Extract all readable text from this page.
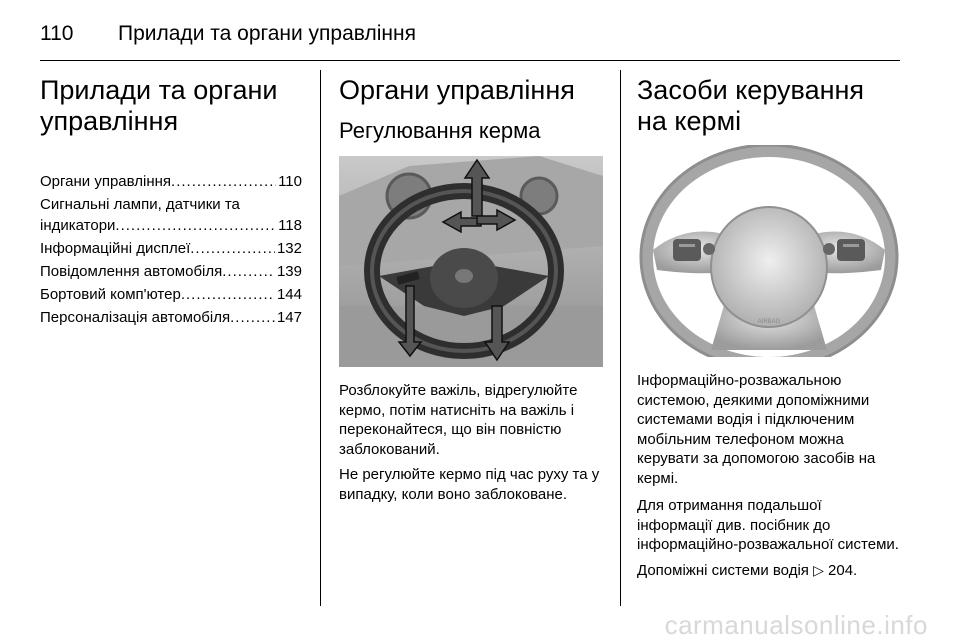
110 Прилади та органи управління
Прилади та органи управління
Органи управління .....	110
Сигнальні лампи, датчики та
індикатори .....	118
Інформаційні дисплеї .....	132
Повідомлення автомобіля .....	139
Бортовий комп'ютер .....	144
Персоналізація автомобіля .....	147
Органи управління
Регулювання керма

Розблокуйте важіль, відрегулюйте кермо, потім натисніть на важіль і переконайтеся, що він повністю заблокований.

Не регулюйте кермо під час руху та у випадку, коли воно заблоковане.

Засоби керування на кермі
AIRBAG

Інформаційно-розважальною системою, деякими допоміжними системами водія і підключеним мобільним телефоном можна керувати за допомогою засобів на кермі.

Для отримання подальшої інформації див. посібник до інформаційно-розважальної системи.

Допоміжні системи водія ▷ 204.

carmanualsonline.info
